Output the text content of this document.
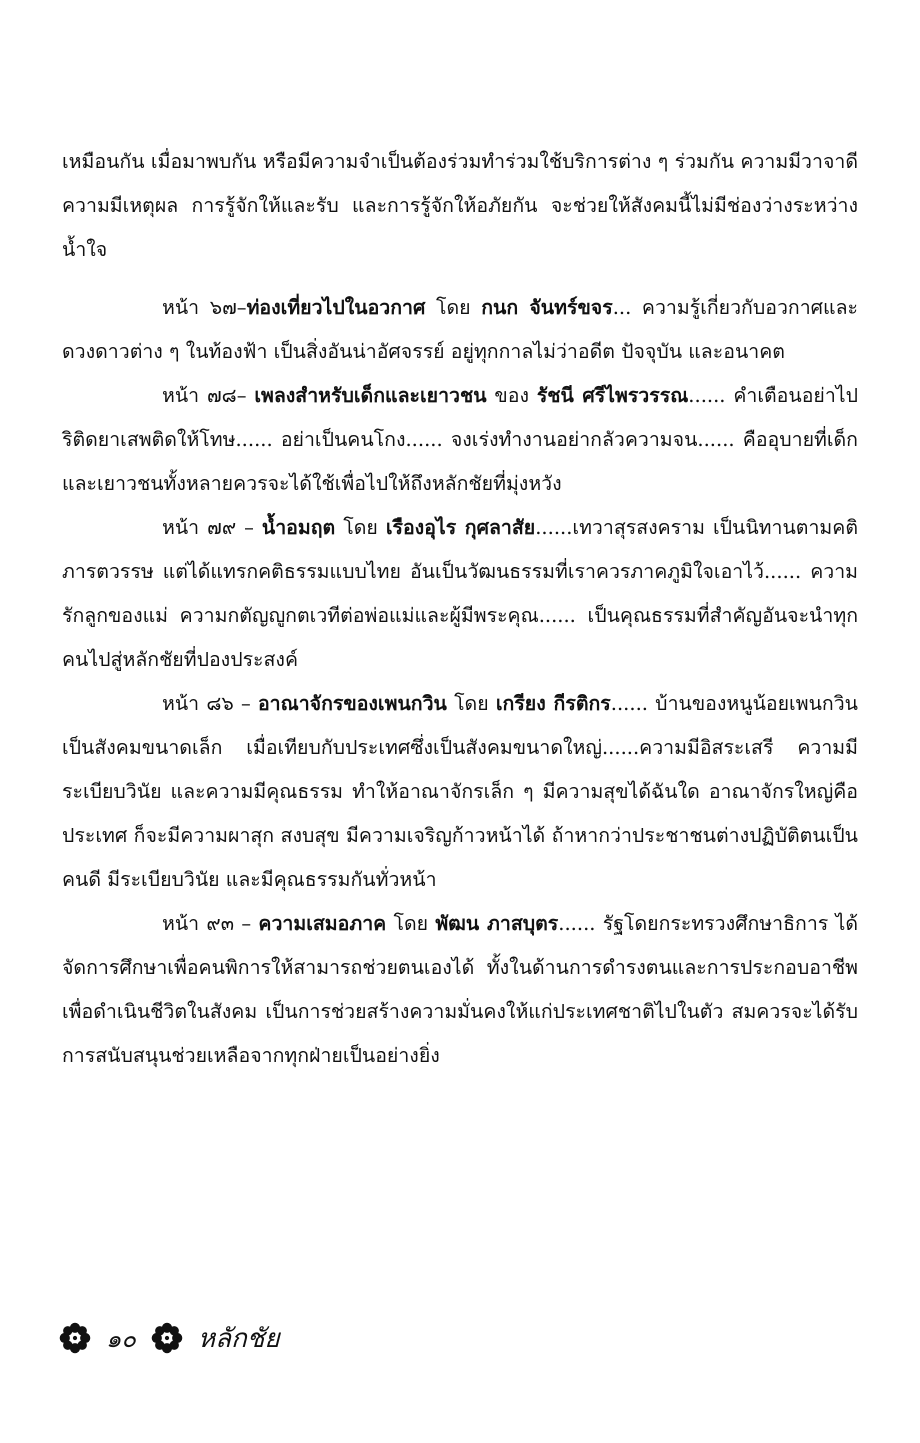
เหมือนกัน เมื่อมาพบกัน หรือมีความจำเป็นต้องร่วมทำร่วมใช้บริการต่าง ๆ ร่วมกัน ความมีวาจาดี ความมีเหตุผล การรู้จักให้และรับ และการรู้จักให้อภัยกัน จะช่วยให้สังคมนี้ไม่มีช่องว่างระหว่างน้ำใจ

หน้า ๖๗–ท่องเที่ยวไปในอวกาศ โดย กนก จันทร์ขจร... ความรู้เกี่ยวกับอวกาศและดวงดาวต่าง ๆ ในท้องฟ้า เป็นสิ่งอันน่าอัศจรรย์ อยู่ทุกกาลไม่ว่าอดีต ปัจจุบัน และอนาคต

หน้า ๗๘– เพลงสำหรับเด็กและเยาวชน ของ รัชนี ศรีไพรวรรณ...... คำเตือนอย่าไปริติดยาเสพติดให้โทษ...... อย่าเป็นคนโกง...... จงเร่งทำงานอย่ากลัวความจน...... คืออุบายที่เด็กและเยาวชนทั้งหลายควรจะได้ใช้เพื่อไปให้ถึงหลักชัยที่มุ่งหวัง

หน้า ๗๙ – น้ำอมฤต โดย เรืองอุไร กุศลาสัย......เทวาสุรสงคราม เป็นนิทานตามคติภารตวรรษ แต่ได้แทรกคติธรรมแบบไทย อันเป็นวัฒนธรรมที่เราควรภาคภูมิใจเอาไว้...... ความรักลูกของแม่ ความกตัญญูกตเวทีต่อพ่อแม่และผู้มีพระคุณ...... เป็นคุณธรรมที่สำคัญอันจะนำทุกคนไปสู่หลักชัยที่ปองประสงค์

หน้า ๘๖ – อาณาจักรของเพนกวิน โดย เกรียง กีรติกร...... บ้านของหนูน้อยเพนกวิน เป็นสังคมขนาดเล็ก เมื่อเทียบกับประเทศซึ่งเป็นสังคมขนาดใหญ่......ความมีอิสระเสรี ความมีระเบียบวินัย และความมีคุณธรรม ทำให้อาณาจักรเล็ก ๆ มีความสุขได้ฉันใด อาณาจักรใหญ่คือประเทศ ก็จะมีความผาสุก สงบสุข มีความเจริญก้าวหน้าได้ ถ้าหากว่าประชาชนต่างปฏิบัติตนเป็นคนดี มีระเบียบวินัย และมีคุณธรรมกันทั่วหน้า

หน้า ๙๓ – ความเสมอภาค โดย พัฒน ภาสบุตร...... รัฐโดยกระทรวงศึกษาธิการ ได้จัดการศึกษาเพื่อคนพิการให้สามารถช่วยตนเองได้ ทั้งในด้านการดำรงตนและการประกอบอาชีพเพื่อดำเนินชีวิตในสังคม เป็นการช่วยสร้างความมั่นคงให้แก่ประเทศชาติไปในตัว สมควรจะได้รับการสนับสนุนช่วยเหลือจากทุกฝ่ายเป็นอย่างยิ่ง

๑๐ หลักชัย
